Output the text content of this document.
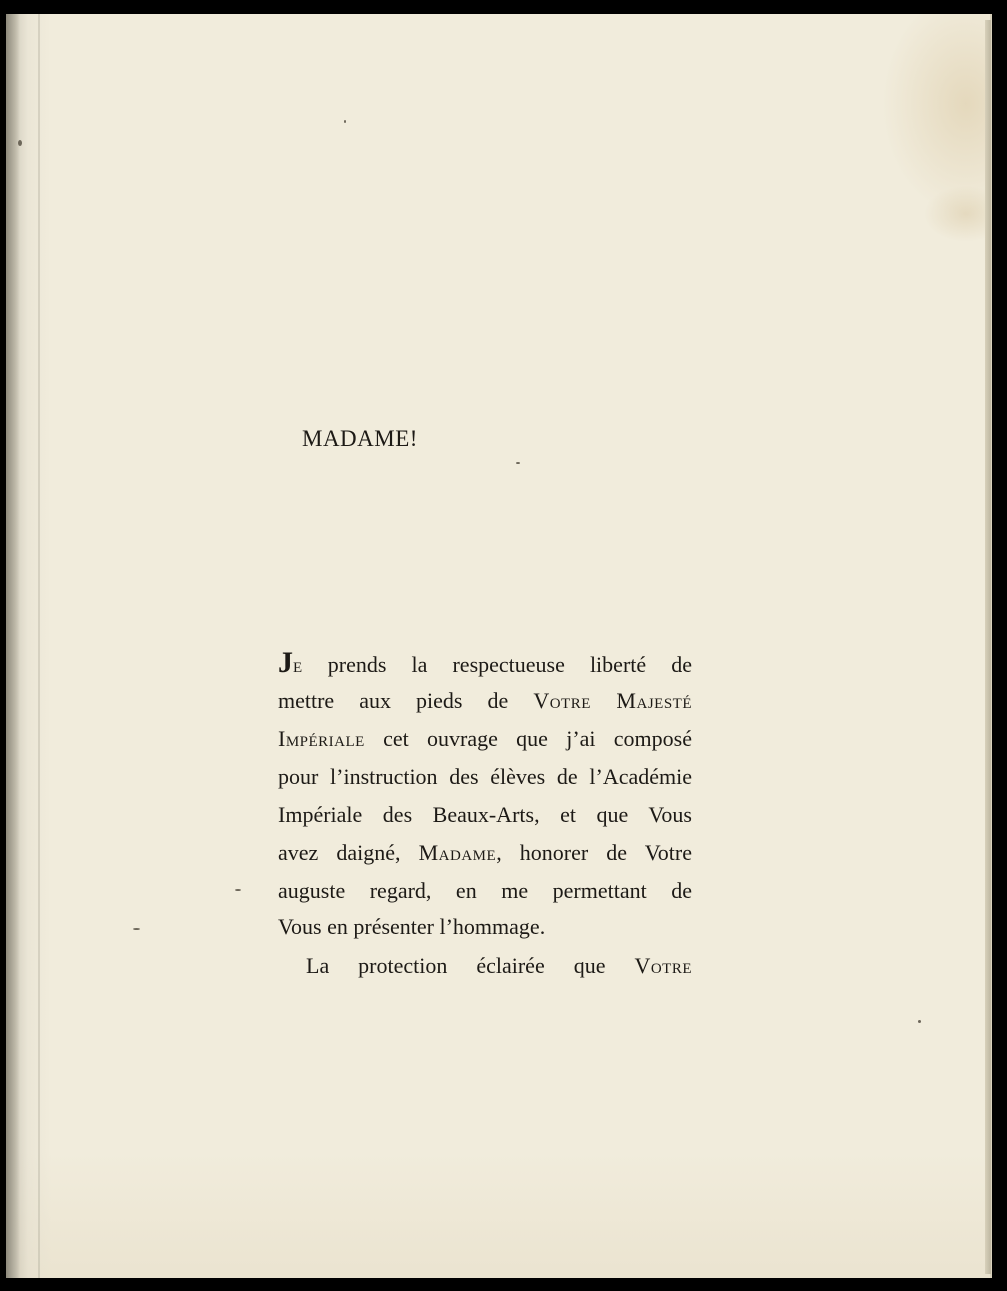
MADAME!
Je prends la respectueuse liberté de
mettre aux pieds de Votre Majesté
Impériale cet ouvrage que j’ai composé
pour l’instruction des élèves de l’Académie
Impériale des Beaux-Arts, et que Vous
avez daigné, Madame, honorer de Votre
auguste regard, en me permettant de
Vous en présenter l’hommage.
La protection éclairée que Votre
